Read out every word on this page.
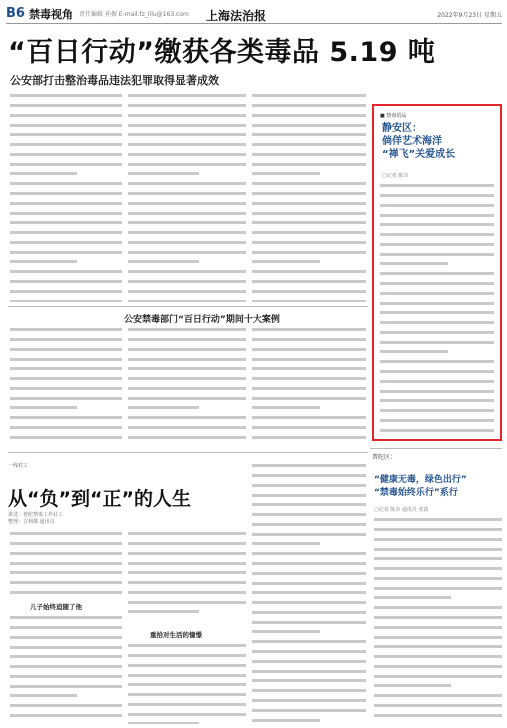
B6 禁毒视角 责任编辑 孙振 E-mail:fz_lilu@163.com 上海法治报	2022年9月23日 星期五
“百日行动”缴获各类毒品 5.19 吨
公安部打击整治毒品违法犯罪取得显著成效
公安禁毒部门“百日行动”期间十大案例
■ 禁毒语品
静安区：
倘佯艺术海洋
“禅飞”关爱成长
□记者 陈奇
一线村工
从“负”到“正”的人生
讲述：普陀禁毒工作社工
整理：吉利都 通讯员
儿子始终追随了他
重拾对生活的憧憬
普陀区：
“健康无毒，绿色出行”
“禁毒始终乐行”系行
□记者 陈奇 通讯员 张霞
